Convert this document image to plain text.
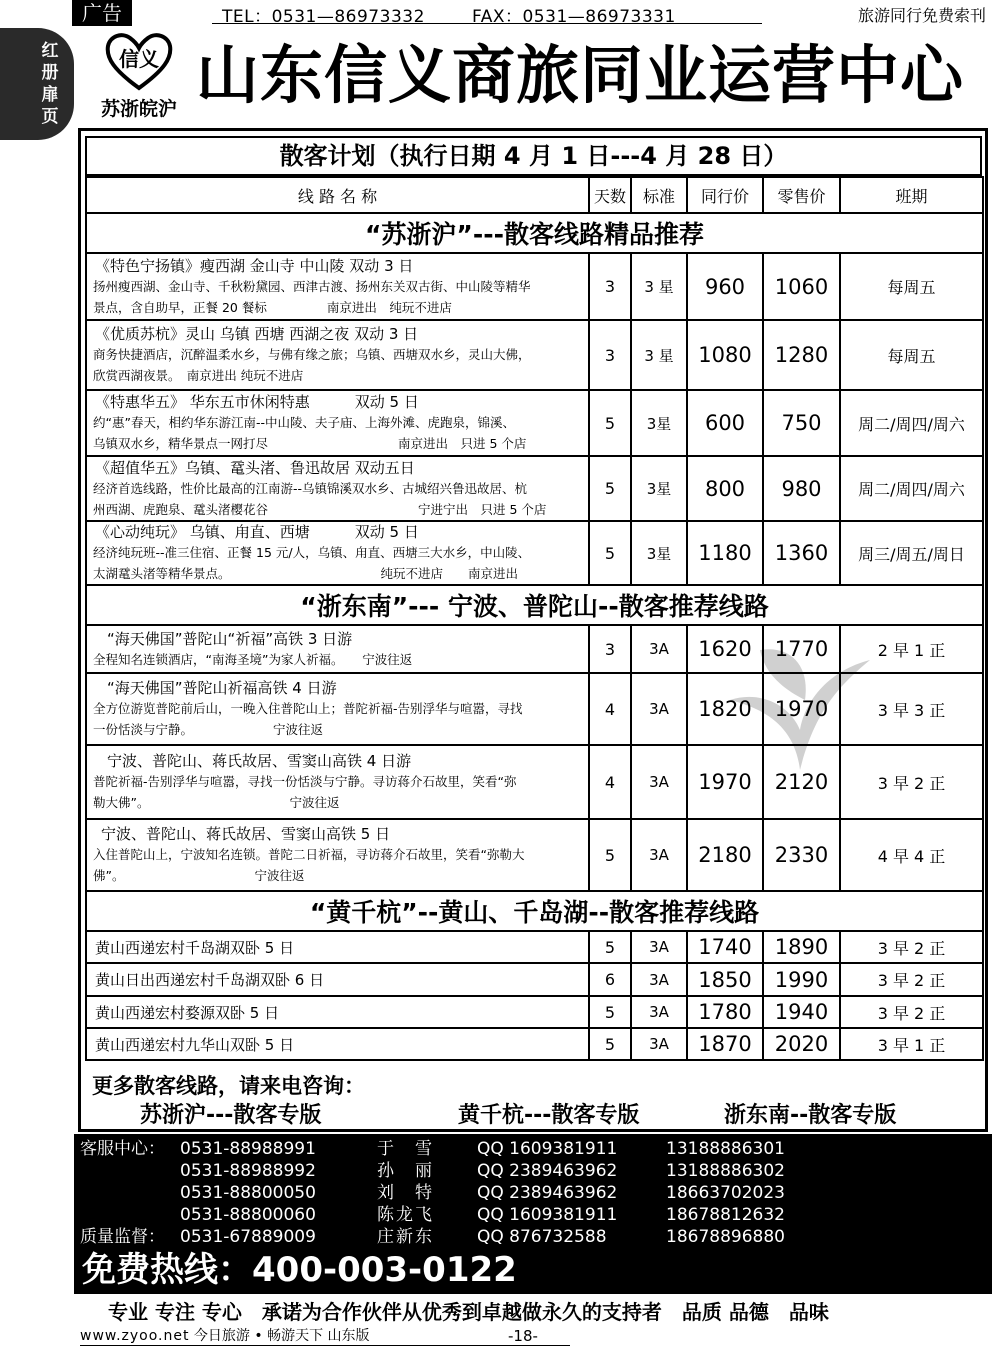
广告	TEL：0531—86973332	FAX：0531—86973331	旅游同行免费索刊
红
册
扉
页
信义
苏浙皖沪 山东信义商旅同业运营中心
散客计划（执行日期 4 月 1 日---4 月 28 日）
线 路 名 称	天数	标准	同行价	零售价	班期
“苏浙沪”---散客线路精品推荐					

《特色宁扬镇》瘦西湖 金山寺 中山陵 双动 3 日
扬州瘦西湖、金山寺、千秋粉黛园、西津古渡、扬州东关双古街、中山陵等精华
景点，含自助早，正餐 20 餐标 南京进出　纯玩不进店	3	3 星	960	1060	每周五

《优质苏杭》灵山 乌镇 西塘 西湖之夜 双动 3 日
商务快捷酒店，沉醉温柔水乡，与佛有缘之旅；乌镇、西塘双水乡，灵山大佛，
欣赏西湖夜景。　南京进出 纯玩不进店	3	3 星	1080	1280	每周五

《特惠华五》 华东五市休闲特惠　　　双动 5 日
约“惠”春天，相约华东游江南--中山陵、夫子庙、上海外滩、虎跑泉，锦溪、
乌镇双水乡，精华景点一网打尽 南京进出　只进 5 个店	5	3星	600	750	周二/周四/周六

《超值华五》乌镇、鼋头渚、鲁迅故居 双动五日
经济首选线路，性价比最高的江南游--乌镇锦溪双水乡、古城绍兴鲁迅故居、杭
州西湖、虎跑泉、鼋头渚樱花谷 宁进宁出　只进 5 个店	5	3星	800	980	周二/周四/周六

《心动纯玩》 乌镇、甪直、西塘　　　双动 5 日
经济纯玩班--准三住宿、正餐 15 元/人，乌镇、甪直、西塘三大水乡，中山陵、
太湖鼋头渚等精华景点。 纯玩不进店　　南京进出	5	3星	1180	1360	周三/周五/周日
“浙东南”--- 宁波、普陀山--散客推荐线路					

“海天佛国”普陀山“祈福”高铁 3 日游
全程知名连锁酒店，“南海圣境”为家人祈福。　　宁波往返	3	3A	1620	1770	2 早 1 正

“海天佛国”普陀山祈福高铁 4 日游
全方位游览普陀前后山，一晚入住普陀山上；普陀祈福-告别浮华与喧嚣，寻找
一份恬淡与宁静。 宁波往返	4	3A	1820	1970	3 早 3 正

宁波、普陀山、蒋氏故居、雪窦山高铁 4 日游
普陀祈福-告别浮华与喧嚣，寻找一份恬淡与宁静。寻访蒋介石故里，笑看“弥
勒大佛”。 宁波往返	4	3A	1970	2120	3 早 2 正

宁波、普陀山、蒋氏故居、雪窦山高铁 5 日
入住普陀山上，宁波知名连锁。普陀二日祈福，寻访蒋介石故里，笑看“弥勒大
佛”。 宁波往返	5	3A	2180	2330	4 早 4 正
“黄千杭”--黄山、千岛湖--散客推荐线路					
黄山西递宏村千岛湖双卧 5 日	5	3A	1740	1890	3 早 2 正
黄山日出西递宏村千岛湖双卧 6 日	6	3A	1850	1990	3 早 2 正
黄山西递宏村婺源双卧 5 日	5	3A	1780	1940	3 早 2 正
黄山西递宏村九华山双卧 5 日	5	3A	1870	2020	3 早 1 正
更多散客线路，请来电咨询：
苏浙沪---散客专版	黄千杭---散客专版	浙东南--散客专版
客服中心： 0531-88988991	于　雪	QQ 1609381911	13188886301
0531-88988992	孙　丽	QQ 2389463962	13188886302
0531-88800050	刘　特	QQ 2389463962	18663702023
0531-88800060	陈龙飞	QQ 1609381911	18678812632
质量监督： 0531-67889009	庄新东	QQ 876732588	18678896880
免费热线：400-003-0122
专业 专注 专心　承诺为合作伙伴从优秀到卓越做永久的支持者　品质 品德　品味
www.zyoo.net 今日旅游 • 畅游天下 山东版	-18-
